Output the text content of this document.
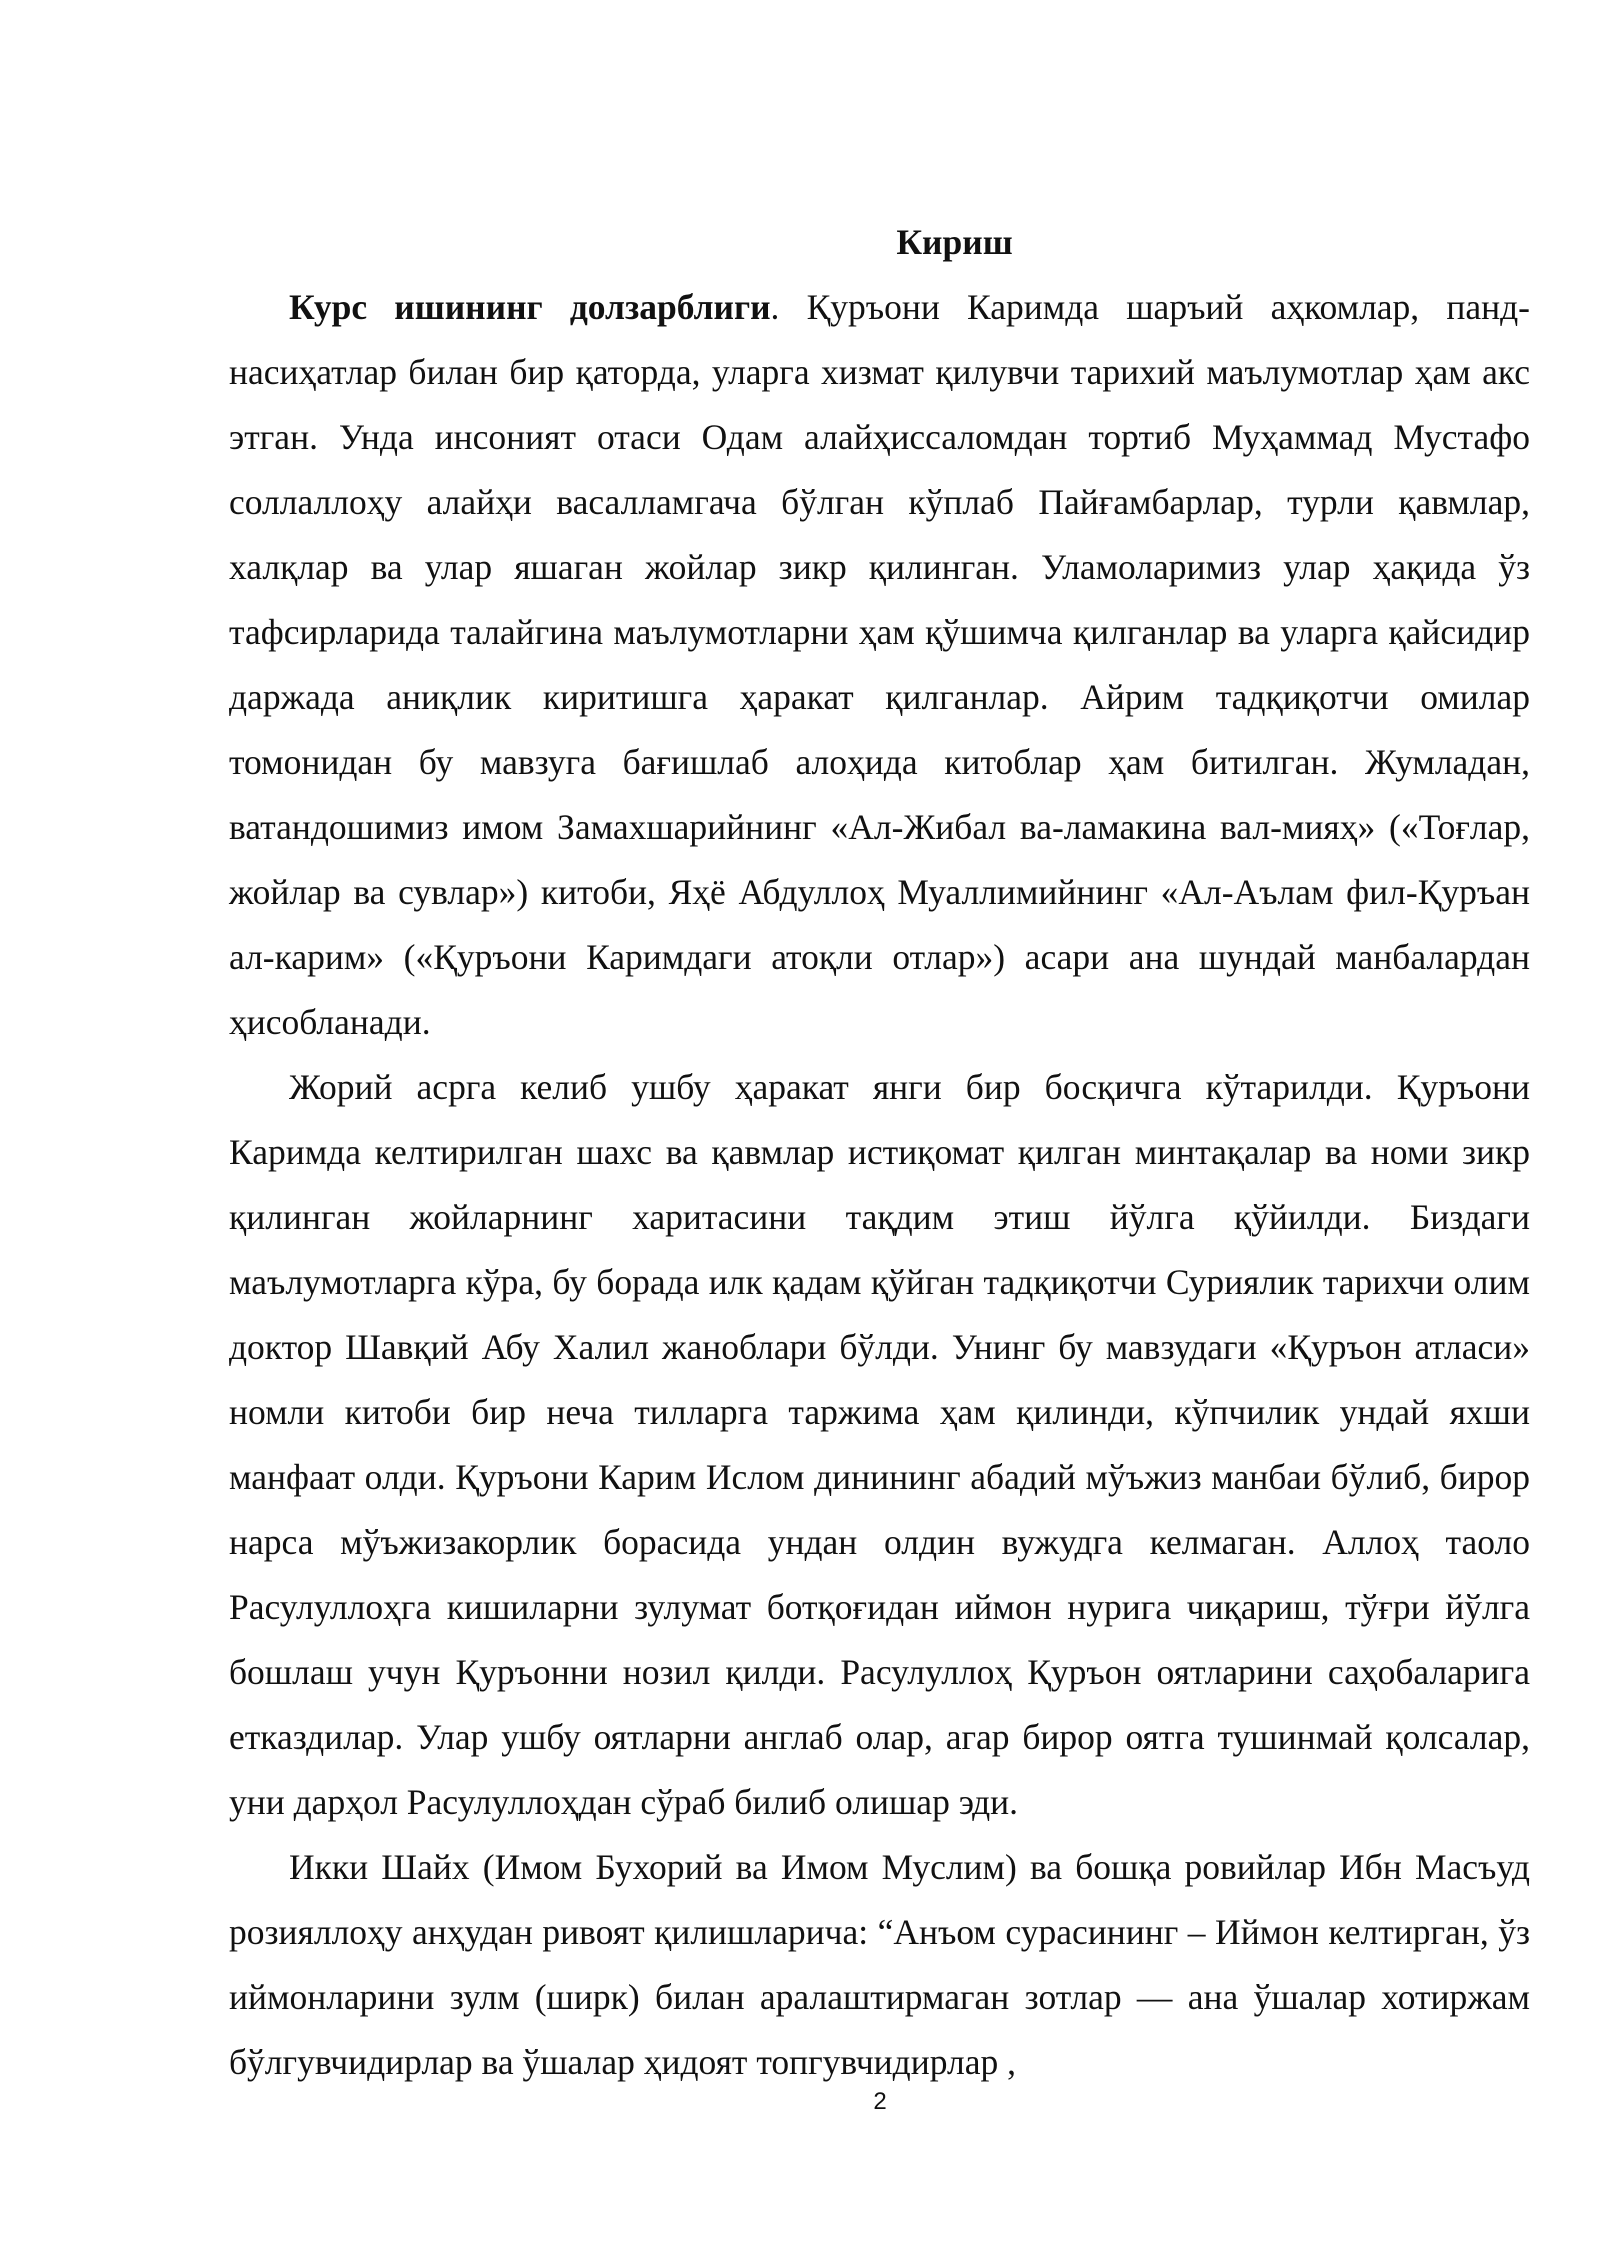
Кириш

Курс ишининг долзарблиги. Қуръони Каримда шаръий аҳкомлар, панд-насиҳатлар билан бир қаторда, уларга хизмат қилувчи тарихий маълумотлар ҳам акс этган. Унда инсоният отаси Одам алайҳиссаломдан тортиб Муҳаммад Мустафо соллаллоҳу алайҳи васалламгача бўлган кўплаб Пайғамбарлар, турли қавмлар, халқлар ва улар яшаган жойлар зикр қилинган. Уламоларимиз улар ҳақида ўз тафсирларида талайгина маълумотларни ҳам қўшимча қилганлар ва уларга қайсидир даржада аниқлик киритишга ҳаракат қилганлар. Айрим тадқиқотчи омилар томонидан бу мавзуга бағишлаб алоҳида китоблар ҳам битилган. Жумладан, ватандошимиз имом Замахшарийнинг «Ал-Жибал ва-ламакина вал-мияҳ» («Тоғлар, жойлар ва сувлар») китоби, Яҳё Абдуллоҳ Муаллимийнинг «Ал-Аълам фил-Қуръан ал-карим» («Қуръони Каримдаги атоқли отлар») асари ана шундай манбалардан ҳисобланади.

Жорий асрга келиб ушбу ҳаракат янги бир босқичга кўтарилди. Қуръони Каримда келтирилган шахс ва қавмлар истиқомат қилган минтақалар ва номи зикр қилинган жойларнинг харитасини тақдим этиш йўлга қўйилди. Биздаги маълумотларга кўра, бу борада илк қадам қўйган тадқиқотчи Суриялик тарихчи олим доктор Шавқий Абу Халил жаноблари бўлди. Унинг бу мавзудаги «Қуръон атласи» номли китоби бир неча тилларга таржима ҳам қилинди, кўпчилик ундай яхши манфаат олди. Қуръони Карим Ислом динининг абадий мўъжиз манбаи бўлиб, бирор нарса мўъжизакорлик борасида ундан олдин вужудга келмаган. Аллоҳ таоло Расулуллоҳга кишиларни зулумат ботқоғидан иймон нурига чиқариш, тўғри йўлга бошлаш учун Қуръонни нозил қилди. Расулуллоҳ Қуръон оятларини саҳобаларига етказдилар. Улар ушбу оятларни англаб олар, агар бирор оятга тушинмай қолсалар, уни дарҳол Расулуллоҳдан сўраб билиб олишар эди.

Икки Шайх (Имом Бухорий ва Имом Муслим) ва бошқа ровийлар Ибн Масъуд розияллоҳу анҳудан ривоят қилишларича: “Анъом сурасининг – Иймон келтирган, ўз иймонларини зулм (ширк) билан аралаштирмаган зотлар — ана ўшалар хотиржам бўлгувчидирлар ва ўшалар ҳидоят топгувчидирлар ,

2
